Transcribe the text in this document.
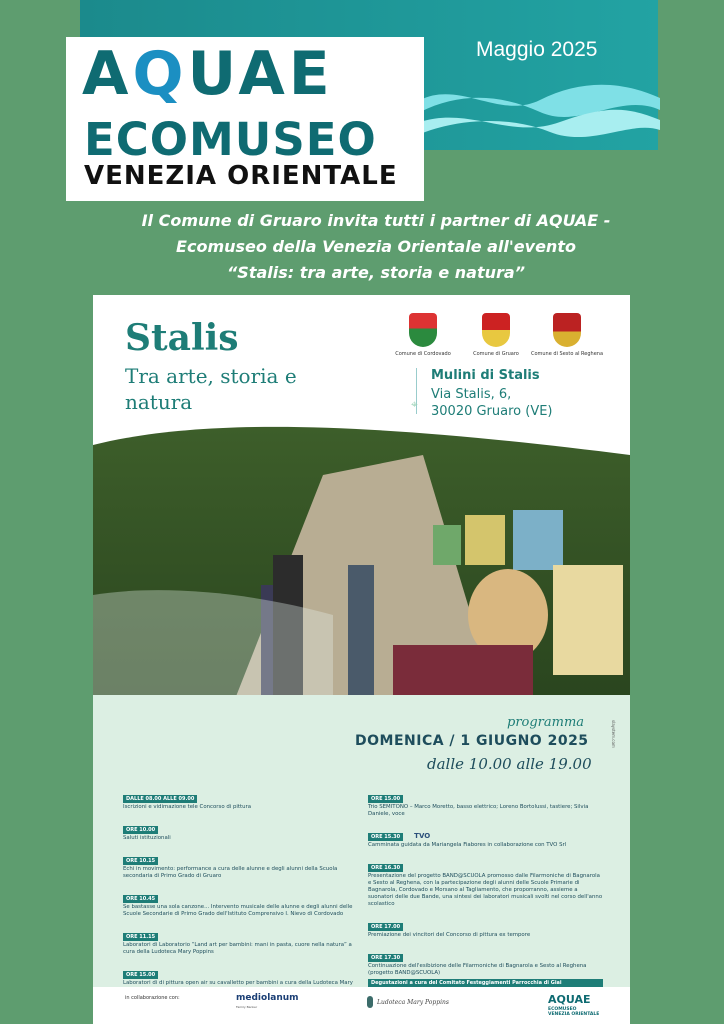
Maggio 2025
AQUAE
ECOMUSEO
VENEZIA ORIENTALE
Il Comune di Gruaro invita tutti i partner di AQUAE -
Ecomuseo della Venezia Orientale all'evento
“Stalis: tra arte, storia e natura”
Stalis
Tra arte, storia e natura
Comune di Cordovado	Comune di Gruaro	Comune di Sesto al Reghena
⌖
Mulini di Stalis
Via Stalis, 6,
30020 Gruaro (VE)
programma
DOMENICA / 1 GIUGNO 2025
dalle 10.00 alle 19.00
slaystem.com
DALLE 08.00 ALLE 09.00
Iscrizioni e vidimazione tele Concorso di pittura
ORE 10.00
Saluti istituzionali
ORE 10.15
Echi in movimento: performance a cura delle alunne e degli alunni della Scuola secondaria di Primo Grado di Gruaro
ORE 10.45
Se bastasse una sola canzone... Intervento musicale delle alunne e degli alunni delle Scuole Secondarie di Primo Grado dell'Istituto Comprensivo I. Nievo di Cordovado
ORE 11.15
Laboratori di Laboratorio “Land art per bambini: mani in pasta, cuore nella natura” a cura della Ludoteca Mary Poppins
ORE 15.00
Laboratori di di pittura open air su cavalletto per bambini a cura della Ludoteca Mary
ORE 15.00
Trio SEMITONO – Marco Moretto, basso elettrico; Loreno Bortolussi, tastiere; Silvia Daniele, voce
ORE 15.30 TVO
Camminata guidata da Mariangela Fiabores in collaborazione con TVO Srl
ORE 16.30
Presentazione del progetto BAND@SCUOLA promosso dalle Filarmoniche di Bagnarola e Sesto al Reghena, con la partecipazione degli alunni delle Scuole Primarie di Bagnarola, Cordovado e Morsano al Tagliamento, che proporranno, assieme a suonatori delle due Bande, una sintesi dei laboratori musicali svolti nel corso dell'anno scolastico
ORE 17.00
Premiazione dei vincitori del Concorso di pittura ex tempore
ORE 17.30
Continuazione dell'esibizione delle Filarmoniche di Bagnarola e Sesto al Reghena (progetto BAND@SCUOLA)
Degustazioni a cura del Comitato Festeggiamenti Parrocchia di Giai
in collaborazione con:	mediolanum
Family Banker
Ludoteca Mary Poppins	AQUAE
ECOMUSEO
VENEZIA ORIENTALE
